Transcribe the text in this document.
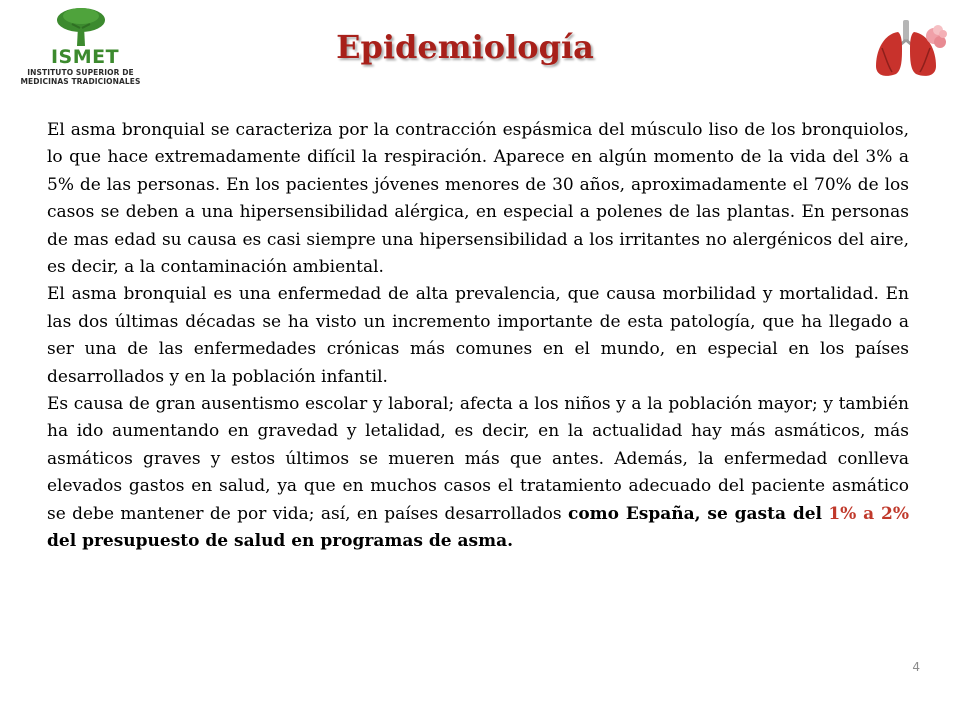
ISMET
INSTITUTO SUPERIOR DE
MEDICINAS TRADICIONALES
Epidemiología

El asma bronquial se caracteriza por la contracción espásmica del músculo liso de los bronquiolos, lo que hace extremadamente difícil la respiración. Aparece en algún momento de la vida del 3% a 5% de las personas. En los pacientes jóvenes menores de 30 años, aproximadamente el 70% de los casos se deben a una hipersensibilidad alérgica, en especial a polenes de las plantas. En personas de mas edad su causa es casi siempre una hipersensibilidad a los irritantes no alergénicos del aire, es decir, a la contaminación ambiental.

El asma bronquial es una enfermedad de alta prevalencia, que causa morbilidad y mortalidad. En las dos últimas décadas se ha visto un incremento importante de esta patología, que ha llegado a ser una de las enfermedades crónicas más comunes en el mundo, en especial en los países desarrollados y en la población infantil.

Es causa de gran ausentismo escolar y laboral; afecta a los niños y a la población mayor; y también ha ido aumentando en gravedad y letalidad, es decir, en la actualidad hay más asmáticos, más asmáticos graves y estos últimos se mueren más que antes. Además, la enfermedad conlleva elevados gastos en salud, ya que en muchos casos el tratamiento adecuado del paciente asmático se debe mantener de por vida; así, en países desarrollados como España, se gasta del 1% a 2% del presupuesto de salud en programas de asma.

4
